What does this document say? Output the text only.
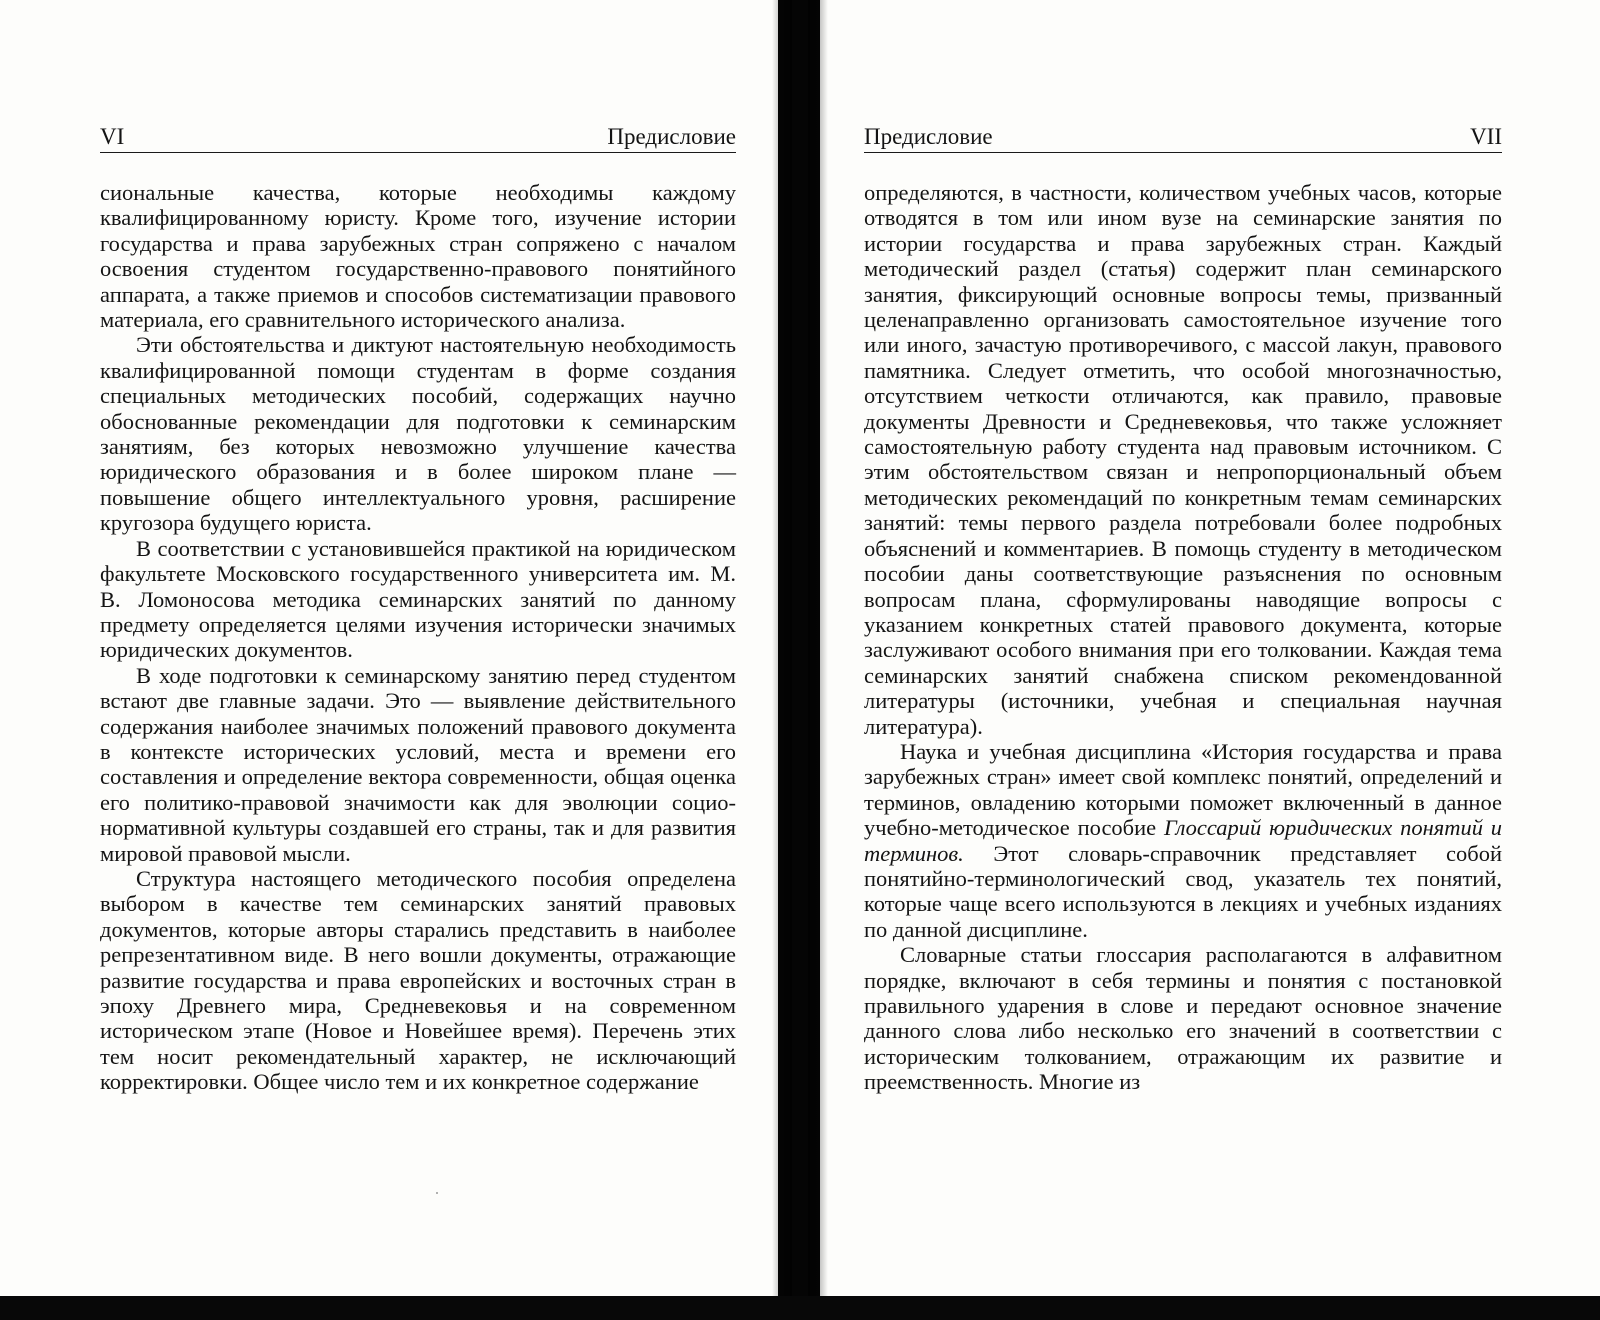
VI	Предисловие

сиональные качества, которые необходимы каждому квалифицированному юристу. Кроме того, изучение истории государства и права зарубежных стран сопряжено с началом освоения студентом государственно-правового понятийного аппарата, а также приемов и способов систематизации правового материала, его сравнительного исторического анализа.

Эти обстоятельства и диктуют настоятельную необходимость квалифицированной помощи студентам в форме создания специальных методических пособий, содержащих научно обоснованные рекомендации для подготовки к семинарским занятиям, без которых невозможно улучшение качества юридического образования и в более широком плане — повышение общего интеллектуального уровня, расширение кругозора будущего юриста.

В соответствии с установившейся практикой на юридическом факультете Московского государственного университета им. М. В. Ломоносова методика семинарских занятий по данному предмету определяется целями изучения исторически значимых юридических документов.

В ходе подготовки к семинарскому занятию перед студентом встают две главные задачи. Это — выявление действительного содержания наиболее значимых положений правового документа в контексте исторических условий, места и времени его составления и определение вектора современности, общая оценка его политико-правовой значимости как для эволюции социо-нормативной культуры создавшей его страны, так и для развития мировой правовой мысли.

Структура настоящего методического пособия определена выбором в качестве тем семинарских занятий правовых документов, которые авторы старались представить в наиболее репрезентативном виде. В него вошли документы, отражающие развитие государства и права европейских и восточных стран в эпоху Древнего мира, Средневековья и на современном историческом этапе (Новое и Новейшее время). Перечень этих тем носит рекомендательный характер, не исключающий корректировки. Общее число тем и их конкретное содержание

Предисловие	VII

определяются, в частности, количеством учебных часов, которые отводятся в том или ином вузе на семинарские занятия по истории государства и права зарубежных стран. Каждый методический раздел (статья) содержит план семинарского занятия, фиксирующий основные вопросы темы, призванный целенаправленно организовать самостоятельное изучение того или иного, зачастую противоречивого, с массой лакун, правового памятника. Следует отметить, что особой многозначностью, отсутствием четкости отличаются, как правило, правовые документы Древности и Средневековья, что также усложняет самостоятельную работу студента над правовым источником. С этим обстоятельством связан и непропорциональный объем методических рекомендаций по конкретным темам семинарских занятий: темы первого раздела потребовали более подробных объяснений и комментариев. В помощь студенту в методическом пособии даны соответствующие разъяснения по основным вопросам плана, сформулированы наводящие вопросы с указанием конкретных статей правового документа, которые заслуживают особого внимания при его толковании. Каждая тема семинарских занятий снабжена списком рекомендованной литературы (источники, учебная и специальная научная литература).

Наука и учебная дисциплина «История государства и права зарубежных стран» имеет свой комплекс понятий, определений и терминов, овладению которыми поможет включенный в данное учебно-методическое пособие Глоссарий юридических понятий и терминов. Этот словарь-справочник представляет собой понятийно-терминологический свод, указатель тех понятий, которые чаще всего используются в лекциях и учебных изданиях по данной дисциплине.

Словарные статьи глоссария располагаются в алфавитном порядке, включают в себя термины и понятия с постановкой правильного ударения в слове и передают основное значение данного слова либо несколько его значений в соответствии с историческим толкованием, отражающим их развитие и преемственность. Многие из
